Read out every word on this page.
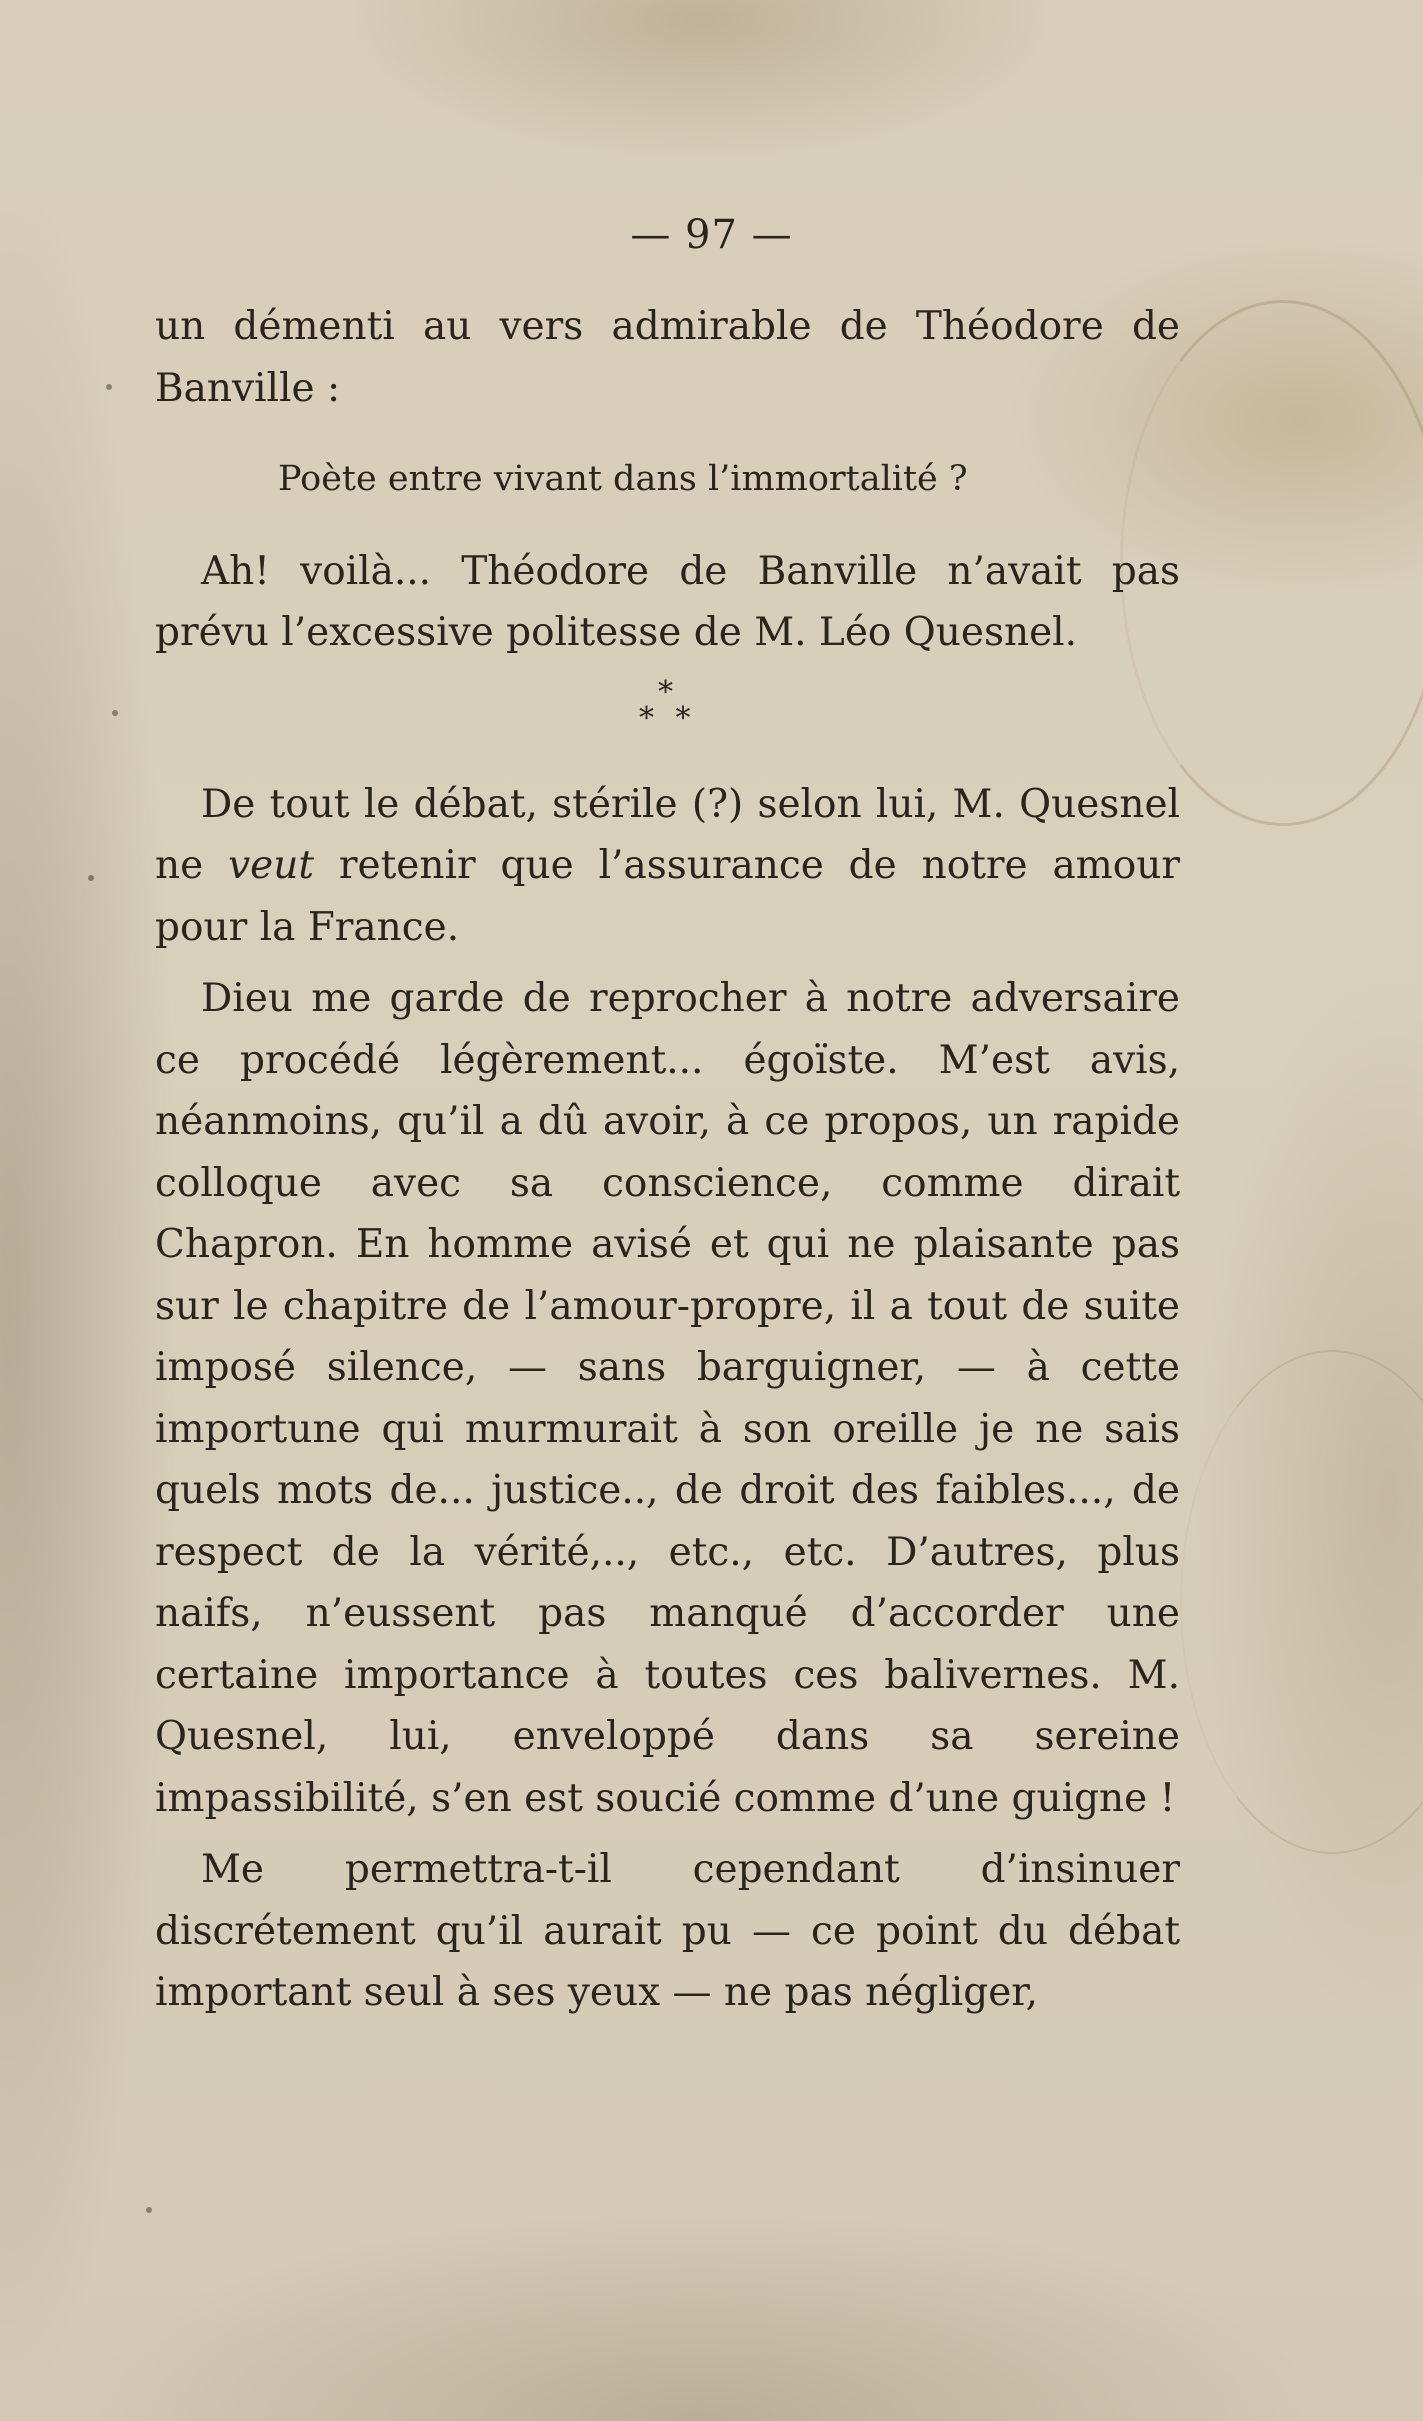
— 97 —

un démenti au vers admirable de Théodore de Banville :

Poète entre vivant dans l’immortalité ?

Ah! voilà... Théodore de Banville n’avait pas prévu l’excessive politesse de M. Léo Quesnel.

*
* *

De tout le débat, stérile (?) selon lui, M. Quesnel ne veut retenir que l’assurance de notre amour pour la France.

Dieu me garde de reprocher à notre adversaire ce procédé légèrement... égoïste. M’est avis, néanmoins, qu’il a dû avoir, à ce propos, un rapide colloque avec sa conscience, comme dirait Chapron. En homme avisé et qui ne plaisante pas sur le chapitre de l’amour-propre, il a tout de suite imposé silence, — sans barguigner, — à cette importune qui murmurait à son oreille je ne sais quels mots de... justice.., de droit des faibles..., de respect de la vérité,.., etc., etc. D’autres, plus naifs, n’eussent pas manqué d’accorder une certaine importance à toutes ces balivernes. M. Quesnel, lui, enveloppé dans sa sereine impassibilité, s’en est soucié comme d’une guigne !

Me permettra-t-il cependant d’insinuer discrétement qu’il aurait pu — ce point du débat important seul à ses yeux — ne pas négliger,
